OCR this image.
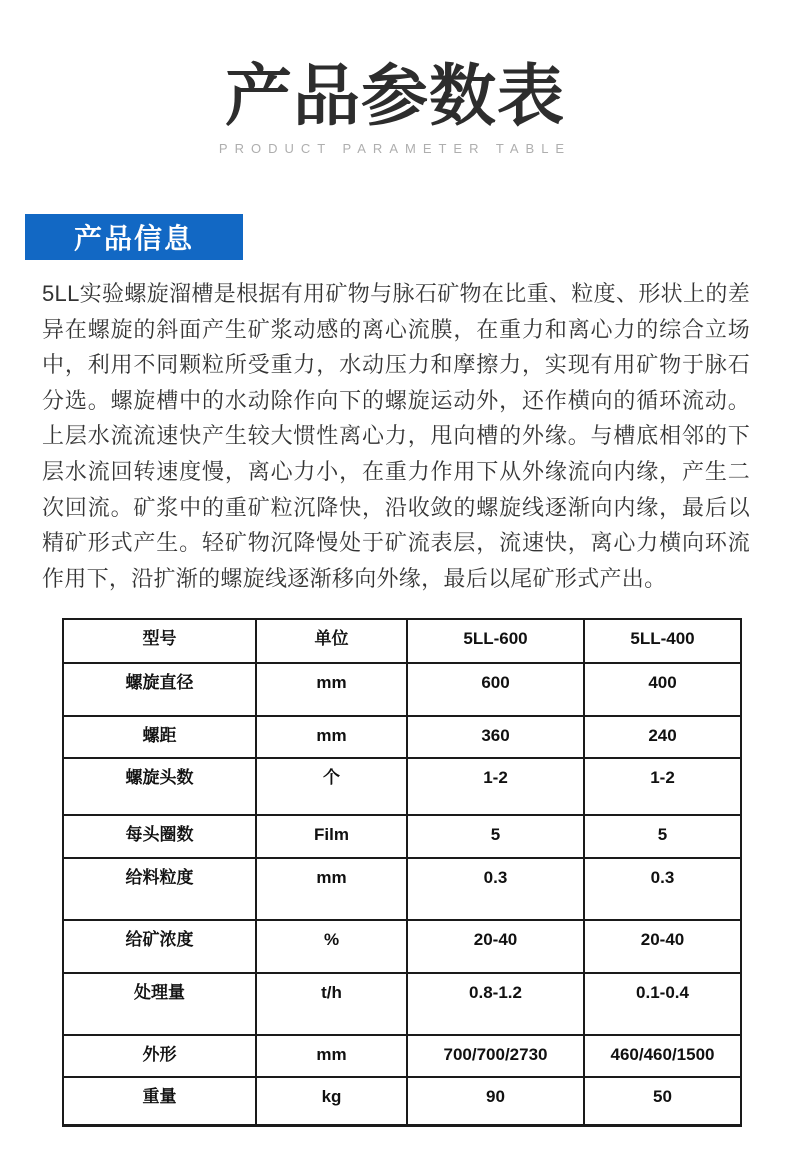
产品参数表
PRODUCT PARAMETER TABLE
产品信息

5LL实验螺旋溜槽是根据有用矿物与脉石矿物在比重、粒度、形状上的差异在螺旋的斜面产生矿浆动感的离心流膜，在重力和离心力的综合立场中，利用不同颗粒所受重力，水动压力和摩擦力，实现有用矿物于脉石分选。螺旋槽中的水动除作向下的螺旋运动外，还作横向的循环流动。上层水流流速快产生较大惯性离心力，甩向槽的外缘。与槽底相邻的下层水流回转速度慢，离心力小，在重力作用下从外缘流向内缘，产生二次回流。矿浆中的重矿粒沉降快，沿收敛的螺旋线逐渐向内缘，最后以精矿形式产生。轻矿物沉降慢处于矿流表层，流速快，离心力横向环流作用下，沿扩渐的螺旋线逐渐移向外缘，最后以尾矿形式产出。

型号	单位	5LL-600	5LL-400
螺旋直径	mm	600	400
螺距	mm	360	240
螺旋头数	个	1-2	1-2
每头圈数	Film	5	5
给料粒度	mm	0.3	0.3
给矿浓度	%	20-40	20-40
处理量	t/h	0.8-1.2	0.1-0.4
外形	mm	700/700/2730	460/460/1500
重量	kg	90	50
